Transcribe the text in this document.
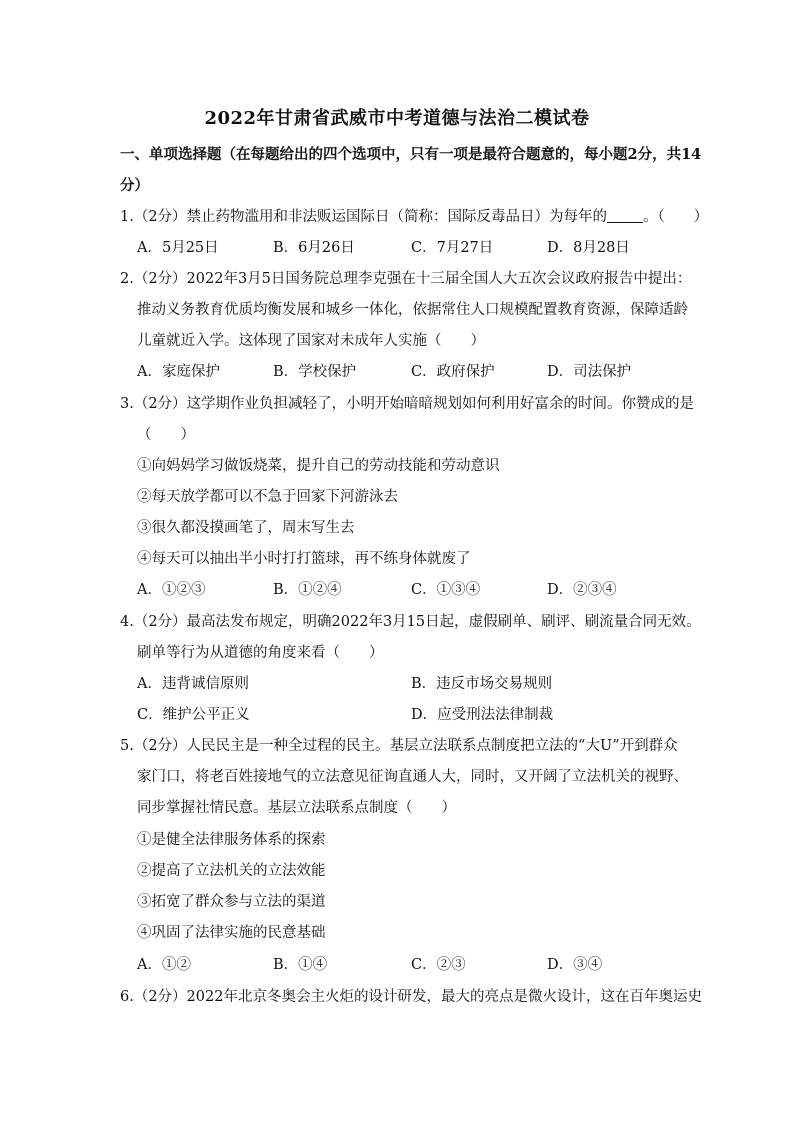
2022年甘肃省武威市中考道德与法治二模试卷
一、单项选择题（在每题给出的四个选项中，只有一项是最符合题意的，每小题2分，共14
分）
1.（2分）禁止药物滥用和非法贩运国际日（简称：国际反毒品日）为每年的 。（　　）
A．5月25日	B．6月26日	C．7月27日	D．8月28日
2.（2分）2022年3月5日国务院总理李克强在十三届全国人大五次会议政府报告中提出：
推动义务教育优质均衡发展和城乡一体化，依据常住人口规模配置教育资源，保障适龄
儿童就近入学。这体现了国家对未成年人实施（　　）
A．家庭保护	B．学校保护	C．政府保护	D．司法保护
3.（2分）这学期作业负担减轻了，小明开始暗暗规划如何利用好富余的时间。你赞成的是
（　　）
①向妈妈学习做饭烧菜，提升自己的劳动技能和劳动意识
②每天放学都可以不急于回家下河游泳去
③很久都没摸画笔了，周末写生去
④每天可以抽出半小时打打篮球，再不练身体就废了
A．①②③	B．①②④	C．①③④	D．②③④
4.（2分）最高法发布规定，明确2022年3月15日起，虚假刷单、刷评、刷流量合同无效。
刷单等行为从道德的角度来看（　　）
A．违背诚信原则	B．违反市场交易规则
C．维护公平正义	D．应受刑法法律制裁
5.（2分）人民民主是一种全过程的民主。基层立法联系点制度把立法的“大U”开到群众
家门口，将老百姓接地气的立法意见征询直通人大，同时，又开阔了立法机关的视野、
同步掌握社情民意。基层立法联系点制度（　　）
①是健全法律服务体系的探索
②提高了立法机关的立法效能
③拓宽了群众参与立法的渠道
④巩固了法律实施的民意基础
A．①②	B．①④	C．②③	D．③④
6.（2分）2022年北京冬奥会主火炬的设计研发，最大的亮点是微火设计，这在百年奥运史
